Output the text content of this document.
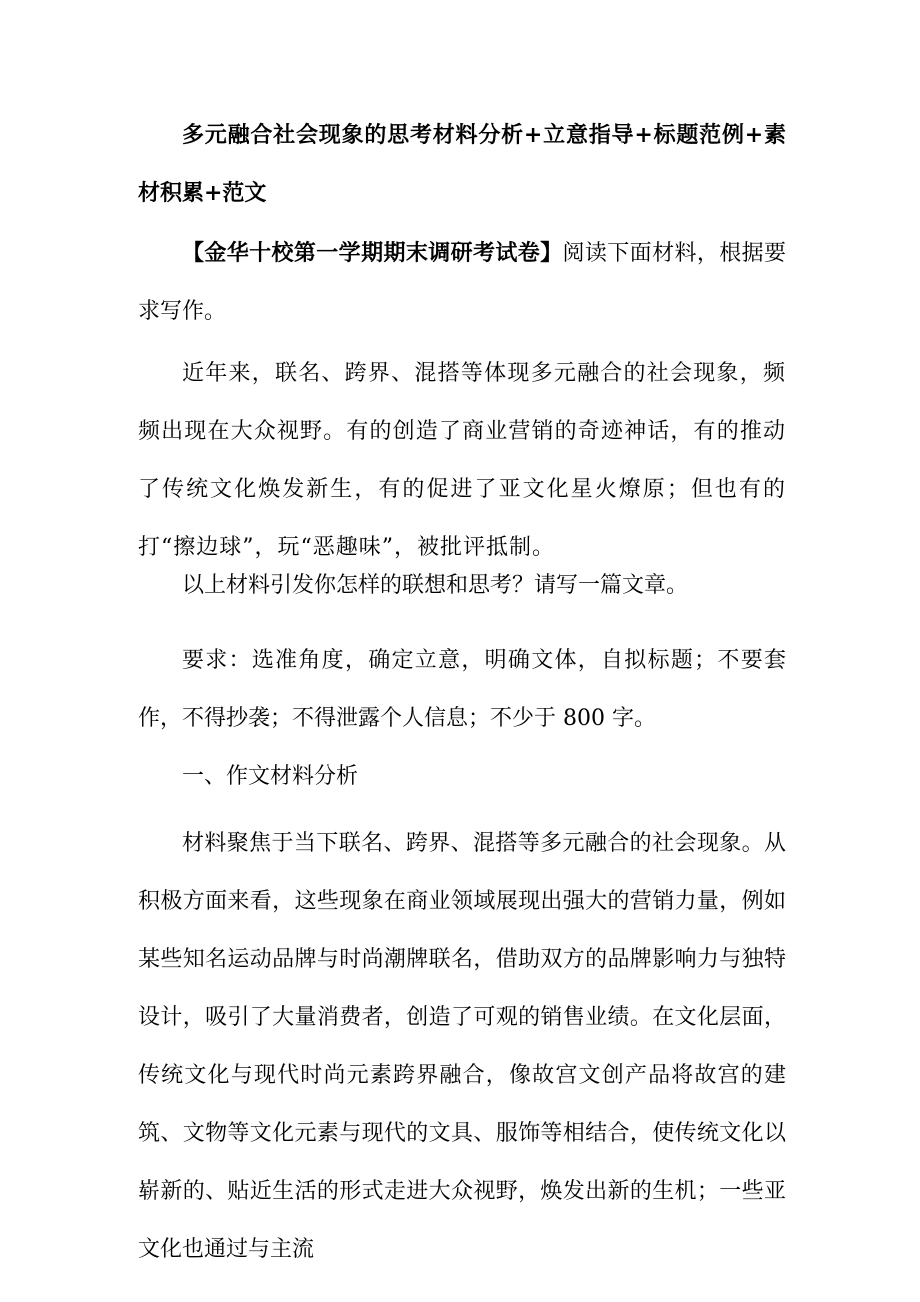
多元融合社会现象的思考材料分析+立意指导+标题范例+素材积累+范文

【金华十校第一学期期末调研考试卷】阅读下面材料，根据要求写作。

近年来，联名、跨界、混搭等体现多元融合的社会现象，频频出现在大众视野。有的创造了商业营销的奇迹神话，有的推动了传统文化焕发新生，有的促进了亚文化星火燎原；但也有的打“擦边球”，玩“恶趣味”，被批评抵制。

以上材料引发你怎样的联想和思考？请写一篇文章。

要求：选准角度，确定立意，明确文体，自拟标题；不要套作，不得抄袭；不得泄露个人信息；不少于 800 字。

一、作文材料分析

材料聚焦于当下联名、跨界、混搭等多元融合的社会现象。从积极方面来看，这些现象在商业领域展现出强大的营销力量，例如某些知名运动品牌与时尚潮牌联名，借助双方的品牌影响力与独特设计，吸引了大量消费者，创造了可观的销售业绩。在文化层面，传统文化与现代时尚元素跨界融合，像故宫文创产品将故宫的建筑、文物等文化元素与现代的文具、服饰等相结合，使传统文化以崭新的、贴近生活的形式走进大众视野，焕发出新的生机；一些亚文化也通过与主流
